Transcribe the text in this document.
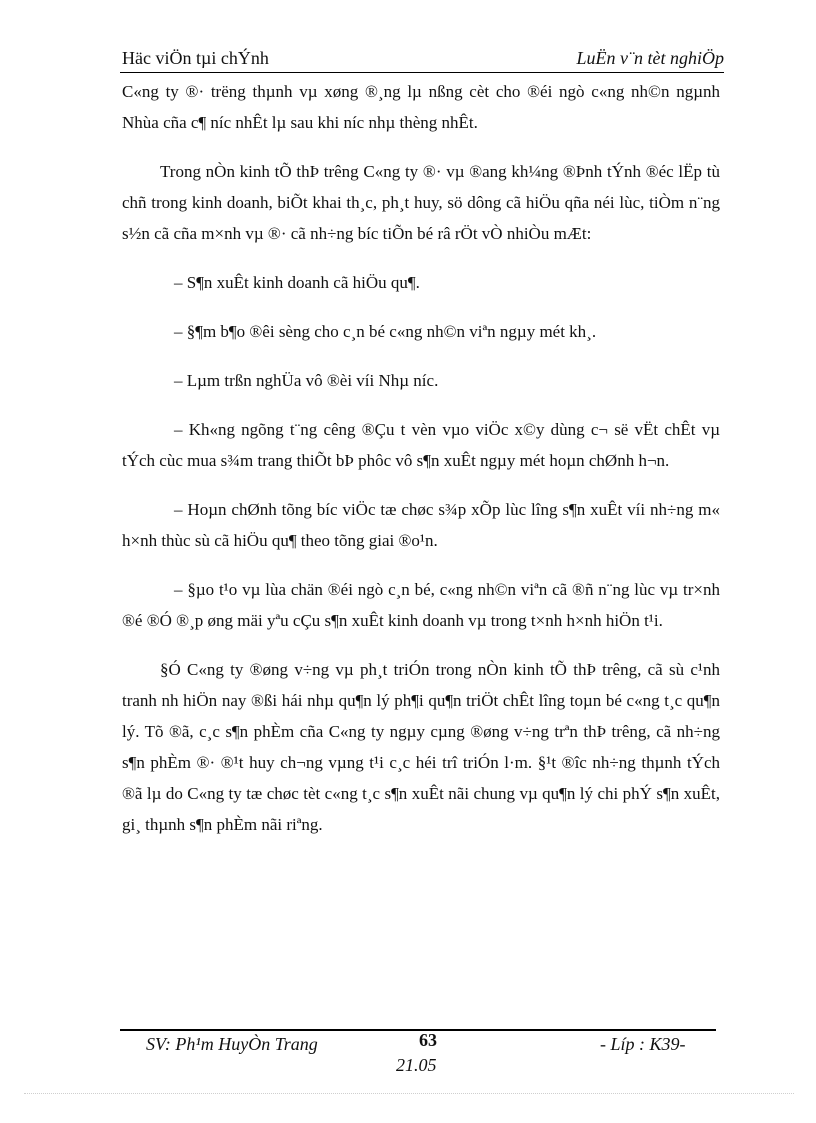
Häc viÖn tµi chÝnh	LuËn v¨n tèt nghiÖp

C«ng ty ®· trëng thµnh vµ xøng ®¸ng lµ nßng cèt cho ®éi ngò c«ng nh©n ngµnh Nhùa cña c¶ níc nhÊt lµ sau khi níc nhµ thèng nhÊt.

Trong nÒn kinh tÕ thÞ trêng C«ng ty ®· vµ ®ang kh¼ng ®Þnh tÝnh ®éc lËp tù chñ trong kinh doanh, biÕt khai th¸c, ph¸t huy, sö dông cã hiÖu qña néi lùc, tiÒm n¨ng s½n cã cña m×nh vµ ®· cã nh÷ng bíc tiÕn bé râ rÖt vÒ nhiÒu mÆt:

– S¶n xuÊt kinh doanh cã hiÖu qu¶.

– §¶m b¶o ®êi sèng cho c¸n bé c«ng nh©n viªn ngµy mét kh¸.

– Lµm trßn nghÜa vô ®èi víi Nhµ níc.

– Kh«ng ngõng t¨ng cêng ®Çu t vèn vµo viÖc x©y dùng c¬ së vËt chÊt vµ tÝch cùc mua s¾m trang thiÕt bÞ phôc vô s¶n xuÊt ngµy mét hoµn chØnh h¬n.

– Hoµn chØnh tõng bíc viÖc tæ chøc s¾p xÕp lùc lîng s¶n xuÊt víi nh÷ng m« h×nh thùc sù cã hiÖu qu¶ theo tõng giai ®o¹n.

– §µo t¹o vµ lùa chän ®éi ngò c¸n bé, c«ng nh©n viªn cã ®ñ n¨ng lùc vµ tr×nh ®é ®Ó ®¸p øng mäi yªu cÇu s¶n xuÊt kinh doanh vµ trong t×nh h×nh hiÖn t¹i.

§Ó C«ng ty ®øng v÷ng vµ ph¸t triÓn trong nÒn kinh tÕ thÞ trêng, cã sù c¹nh tranh nh hiÖn nay ®ßi hái nhµ qu¶n lý ph¶i qu¶n triÖt chÊt lîng toµn bé c«ng t¸c qu¶n lý. Tõ ®ã, c¸c s¶n phÈm cña C«ng ty ngµy cµng ®øng v÷ng trªn thÞ trêng, cã nh÷ng s¶n phÈm ®· ®¹t huy ch¬ng vµng t¹i c¸c héi trî triÓn l·m. §¹t ®îc nh÷ng thµnh tÝch ®ã lµ do C«ng ty tæ chøc tèt c«ng t¸c s¶n xuÊt nãi chung vµ qu¶n lý chi phÝ s¶n xuÊt, gi¸ thµnh s¶n phÈm nãi riªng.

SV: Ph¹m HuyÒn Trang	63	- Líp : K39-
21.05
